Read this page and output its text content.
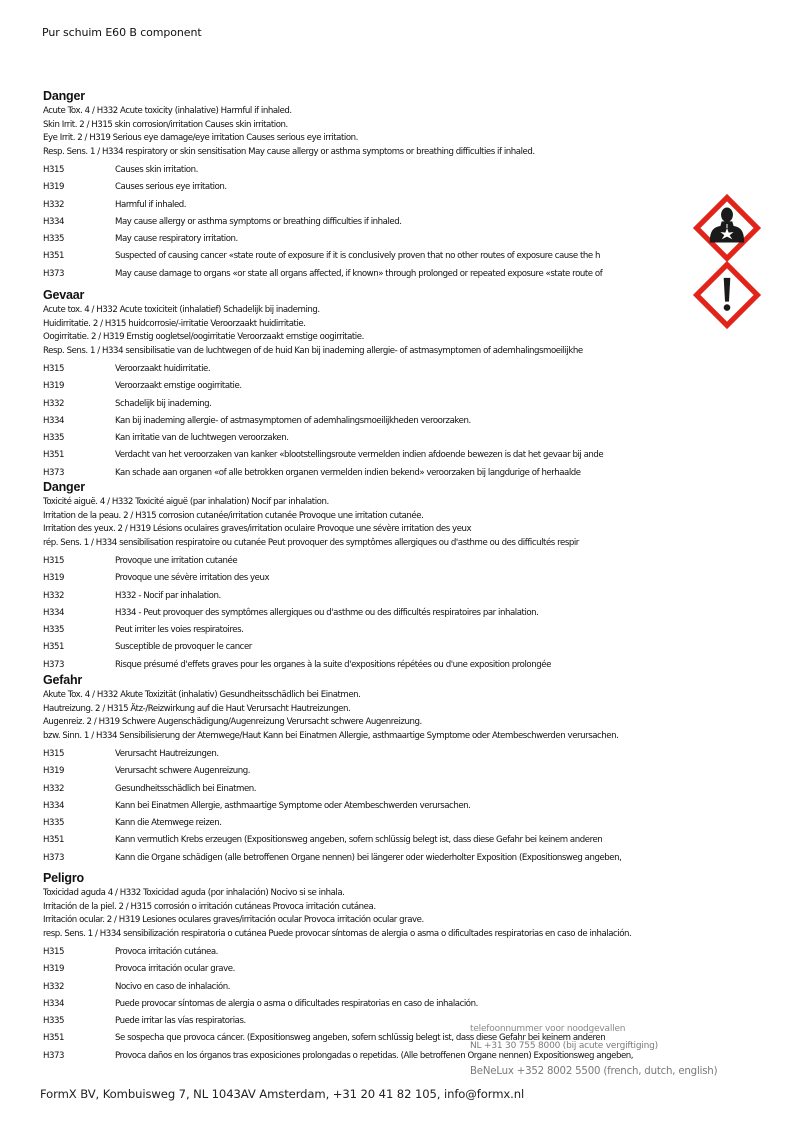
Pur schuim E60 B component
Danger
Acute Tox. 4 / H332 Acute toxicity (inhalative) Harmful if inhaled.
Skin Irrit. 2 / H315 skin corrosion/irritation Causes skin irritation.
Eye Irrit. 2 / H319 Serious eye damage/eye irritation Causes serious eye irritation.
Resp. Sens. 1 / H334 respiratory or skin sensitisation May cause allergy or asthma symptoms or breathing difficulties if inhaled.
H315	Causes skin irritation.
H319	Causes serious eye irritation.
H332	Harmful if inhaled.
H334	May cause allergy or asthma symptoms or breathing difficulties if inhaled.
H335	May cause respiratory irritation.
H351	Suspected of causing cancer «state route of exposure if it is conclusively proven that no other routes of exposure cause the h
H373	May cause damage to organs «or state all organs affected, if known» through prolonged or repeated exposure «state route of
Gevaar
Acute tox. 4 / H332 Acute toxiciteit (inhalatief) Schadelijk bij inademing.
Huidirritatie. 2 / H315 huidcorrosie/-irritatie Veroorzaakt huidirritatie.
Oogirritatie. 2 / H319 Ernstig oogletsel/oogirritatie Veroorzaakt ernstige oogirritatie.
Resp. Sens. 1 / H334 sensibilisatie van de luchtwegen of de huid Kan bij inademing allergie- of astmasymptomen of ademhalingsmoeilijkhe
H315	Veroorzaakt huidirritatie.
H319	Veroorzaakt ernstige oogirritatie.
H332	Schadelijk bij inademing.
H334	Kan bij inademing allergie- of astmasymptomen of ademhalingsmoeilijkheden veroorzaken.
H335	Kan irritatie van de luchtwegen veroorzaken.
H351	Verdacht van het veroorzaken van kanker «blootstellingsroute vermelden indien afdoende bewezen is dat het gevaar bij ande
H373	Kan schade aan organen «of alle betrokken organen vermelden indien bekend» veroorzaken bij langdurige of herhaalde
Danger
Toxicité aiguë. 4 / H332 Toxicité aiguë (par inhalation) Nocif par inhalation.
Irritation de la peau. 2 / H315 corrosion cutanée/irritation cutanée Provoque une irritation cutanée.
Irritation des yeux. 2 / H319 Lésions oculaires graves/irritation oculaire Provoque une sévère irritation des yeux
rép. Sens. 1 / H334 sensibilisation respiratoire ou cutanée Peut provoquer des symptômes allergiques ou d'asthme ou des difficultés respir
H315	Provoque une irritation cutanée
H319	Provoque une sévère irritation des yeux
H332	H332 - Nocif par inhalation.
H334	H334 - Peut provoquer des symptômes allergiques ou d'asthme ou des difficultés respiratoires par inhalation.
H335	Peut irriter les voies respiratoires.
H351	Susceptible de provoquer le cancer
H373	Risque présumé d'effets graves pour les organes à la suite d'expositions répétées ou d'une exposition prolongée
Gefahr
Akute Tox. 4 / H332 Akute Toxizität (inhalativ) Gesundheitsschädlich bei Einatmen.
Hautreizung. 2 / H315 Ätz-/Reizwirkung auf die Haut Verursacht Hautreizungen.
Augenreiz. 2 / H319 Schwere Augenschädigung/Augenreizung Verursacht schwere Augenreizung.
bzw. Sinn. 1 / H334 Sensibilisierung der Atemwege/Haut Kann bei Einatmen Allergie, asthmaartige Symptome oder Atembeschwerden verursachen.
H315	Verursacht Hautreizungen.
H319	Verursacht schwere Augenreizung.
H332	Gesundheitsschädlich bei Einatmen.
H334	Kann bei Einatmen Allergie, asthmaartige Symptome oder Atembeschwerden verursachen.
H335	Kann die Atemwege reizen.
H351	Kann vermutlich Krebs erzeugen (Expositionsweg angeben, sofern schlüssig belegt ist, dass diese Gefahr bei keinem anderen
H373	Kann die Organe schädigen (alle betroffenen Organe nennen) bei längerer oder wiederholter Exposition (Expositionsweg angeben,
Peligro
Toxicidad aguda 4 / H332 Toxicidad aguda (por inhalación) Nocivo si se inhala.
Irritación de la piel. 2 / H315 corrosión o irritación cutáneas Provoca irritación cutánea.
Irritación ocular. 2 / H319 Lesiones oculares graves/irritación ocular Provoca irritación ocular grave.
resp. Sens. 1 / H334 sensibilización respiratoria o cutánea Puede provocar síntomas de alergia o asma o dificultades respiratorias en caso de inhalación.
H315	Provoca irritación cutánea.
H319	Provoca irritación ocular grave.
H332	Nocivo en caso de inhalación.
H334	Puede provocar síntomas de alergia o asma o dificultades respiratorias en caso de inhalación.
H335	Puede irritar las vías respiratorias.
H351	Se sospecha que provoca cáncer. (Expositionsweg angeben, sofern schlüssig belegt ist, dass diese Gefahr bei keinem anderen
H373	Provoca daños en los órganos tras exposiciones prolongadas o repetidas. (Alle betroffenen Organe nennen) Expositionsweg angeben,
telefoonnummer voor noodgevallen
NL +31 30 755 8000 (bij acute vergiftiging)
BeNeLux +352 8002 5500 (french, dutch, english)
FormX BV, Kombuisweg 7, NL 1043AV Amsterdam, +31 20 41 82 105, info@formx.nl
